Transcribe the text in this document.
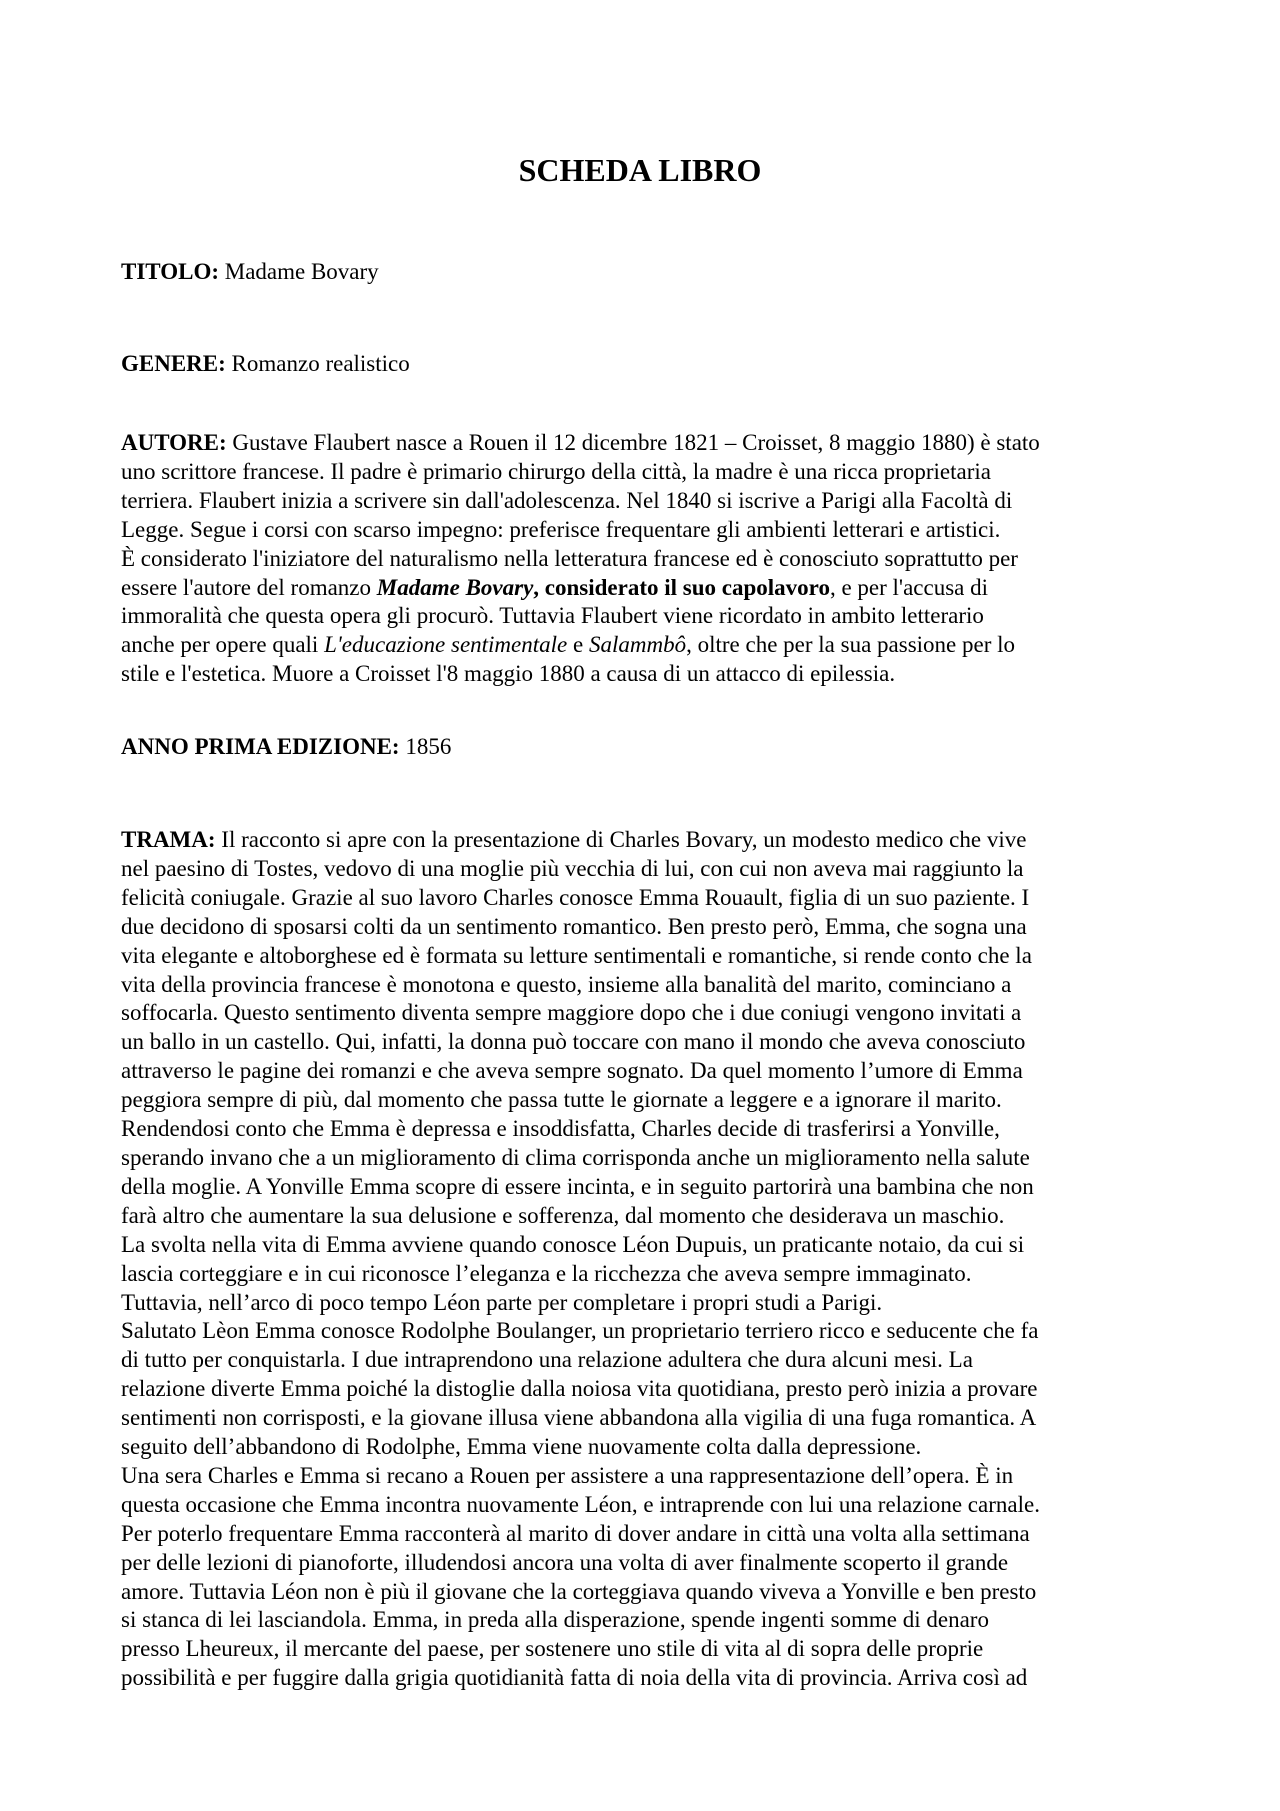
SCHEDA LIBRO

TITOLO: Madame Bovary

GENERE: Romanzo realistico

AUTORE: Gustave Flaubert nasce a Rouen il 12 dicembre 1821 – Croisset, 8 maggio 1880) è stato
uno scrittore francese. Il padre è primario chirurgo della città, la madre è una ricca proprietaria
terriera. Flaubert inizia a scrivere sin dall'adolescenza. Nel 1840 si iscrive a Parigi alla Facoltà di
Legge. Segue i corsi con scarso impegno: preferisce frequentare gli ambienti letterari e artistici.
È considerato l'iniziatore del naturalismo nella letteratura francese ed è conosciuto soprattutto per
essere l'autore del romanzo Madame Bovary, considerato il suo capolavoro, e per l'accusa di
immoralità che questa opera gli procurò. Tuttavia Flaubert viene ricordato in ambito letterario
anche per opere quali L'educazione sentimentale e Salammbô, oltre che per la sua passione per lo
stile e l'estetica. Muore a Croisset l'8 maggio 1880 a causa di un attacco di epilessia.

ANNO PRIMA EDIZIONE: 1856

TRAMA: Il racconto si apre con la presentazione di Charles Bovary, un modesto medico che vive
nel paesino di Tostes, vedovo di una moglie più vecchia di lui, con cui non aveva mai raggiunto la
felicità coniugale. Grazie al suo lavoro Charles conosce Emma Rouault, figlia di un suo paziente. I
due decidono di sposarsi colti da un sentimento romantico. Ben presto però, Emma, che sogna una
vita elegante e altoborghese ed è formata su letture sentimentali e romantiche, si rende conto che la
vita della provincia francese è monotona e questo, insieme alla banalità del marito, cominciano a
soffocarla. Questo sentimento diventa sempre maggiore dopo che i due coniugi vengono invitati a
un ballo in un castello. Qui, infatti, la donna può toccare con mano il mondo che aveva conosciuto
attraverso le pagine dei romanzi e che aveva sempre sognato. Da quel momento l’umore di Emma
peggiora sempre di più, dal momento che passa tutte le giornate a leggere e a ignorare il marito.
Rendendosi conto che Emma è depressa e insoddisfatta, Charles decide di trasferirsi a Yonville,
sperando invano che a un miglioramento di clima corrisponda anche un miglioramento nella salute
della moglie. A Yonville Emma scopre di essere incinta, e in seguito partorirà una bambina che non
farà altro che aumentare la sua delusione e sofferenza, dal momento che desiderava un maschio.
La svolta nella vita di Emma avviene quando conosce Léon Dupuis, un praticante notaio, da cui si
lascia corteggiare e in cui riconosce l’eleganza e la ricchezza che aveva sempre immaginato.
Tuttavia, nell’arco di poco tempo Léon parte per completare i propri studi a Parigi.
Salutato Lèon Emma conosce Rodolphe Boulanger, un proprietario terriero ricco e seducente che fa
di tutto per conquistarla. I due intraprendono una relazione adultera che dura alcuni mesi. La
relazione diverte Emma poiché la distoglie dalla noiosa vita quotidiana, presto però inizia a provare
sentimenti non corrisposti, e la giovane illusa viene abbandona alla vigilia di una fuga romantica. A
seguito dell’abbandono di Rodolphe, Emma viene nuovamente colta dalla depressione.
Una sera Charles e Emma si recano a Rouen per assistere a una rappresentazione dell’opera. È in
questa occasione che Emma incontra nuovamente Léon, e intraprende con lui una relazione carnale.
Per poterlo frequentare Emma racconterà al marito di dover andare in città una volta alla settimana
per delle lezioni di pianoforte, illudendosi ancora una volta di aver finalmente scoperto il grande
amore. Tuttavia Léon non è più il giovane che la corteggiava quando viveva a Yonville e ben presto
si stanca di lei lasciandola. Emma, in preda alla disperazione, spende ingenti somme di denaro
presso Lheureux, il mercante del paese, per sostenere uno stile di vita al di sopra delle proprie
possibilità e per fuggire dalla grigia quotidianità fatta di noia della vita di provincia. Arriva così ad
